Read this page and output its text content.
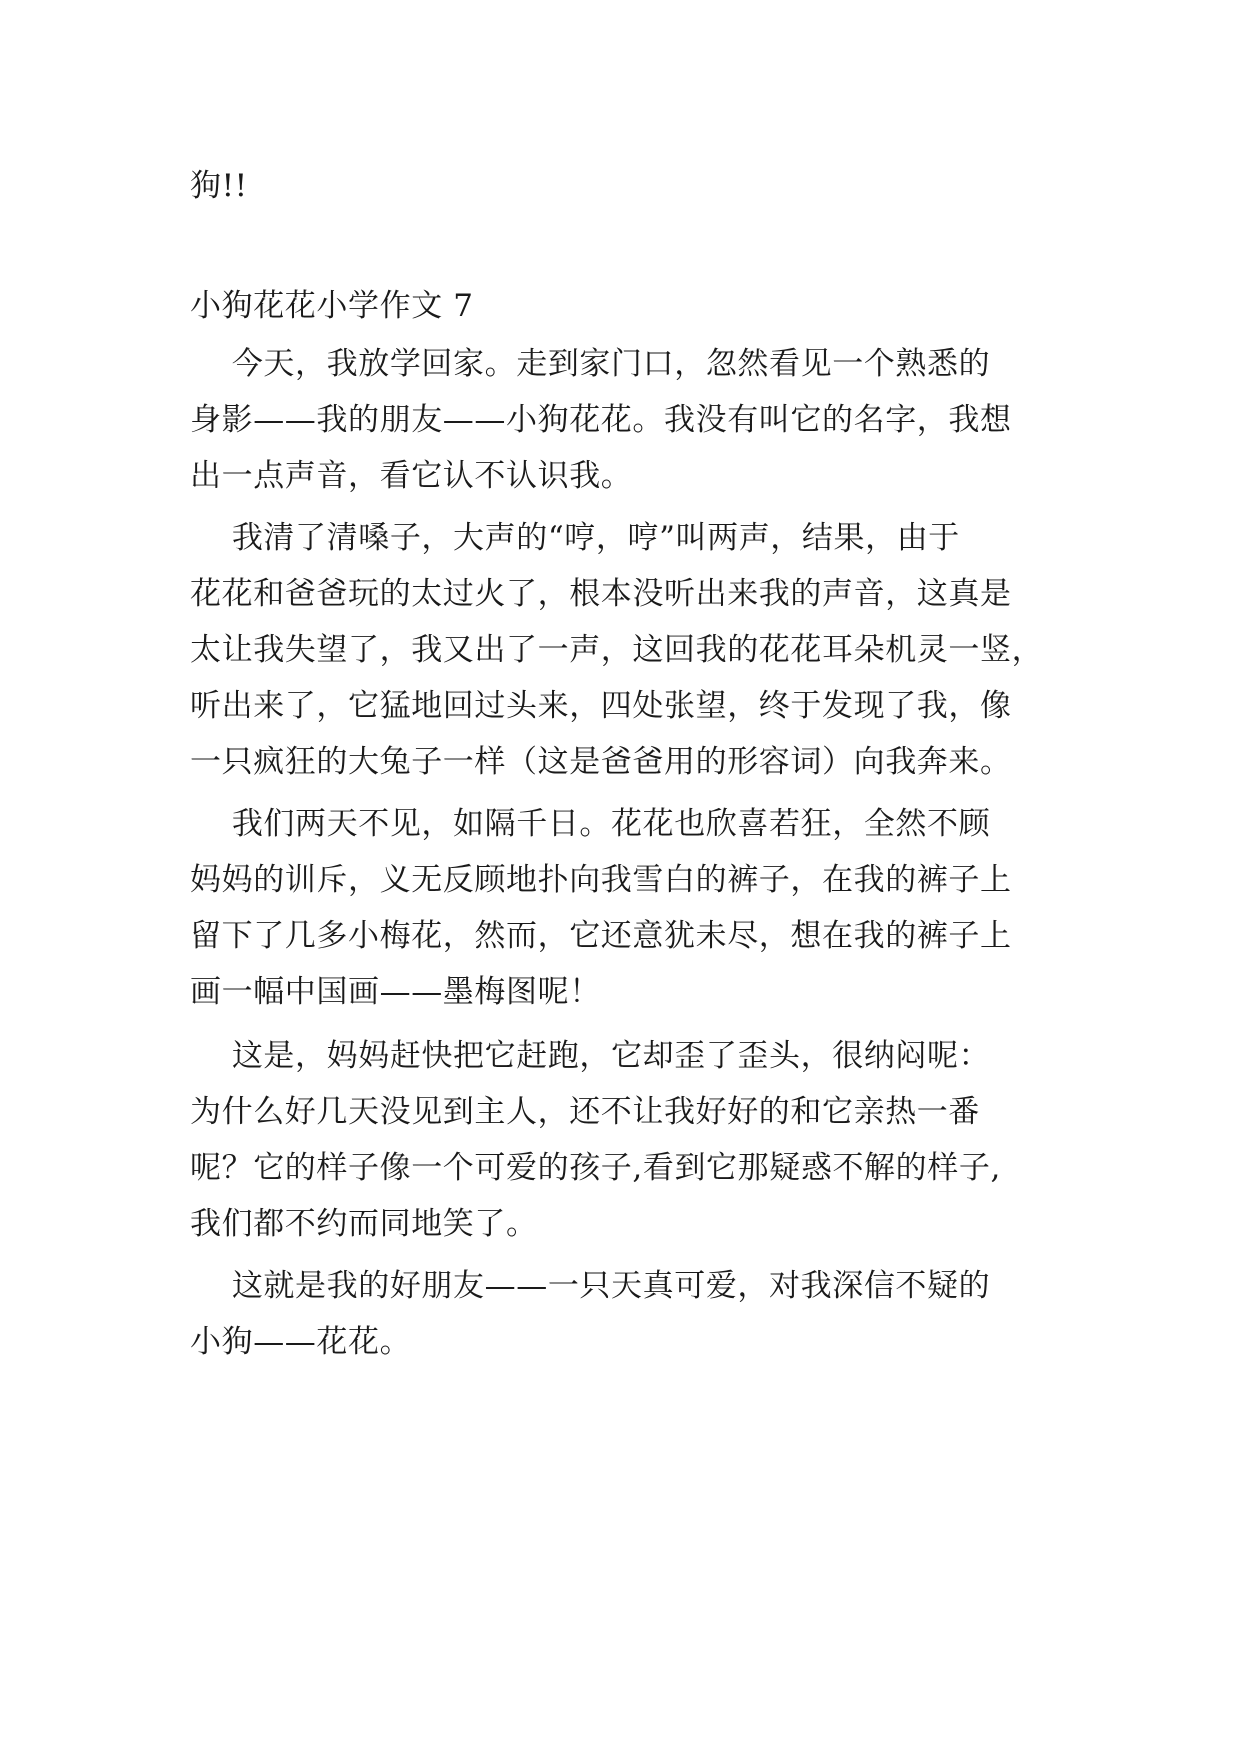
狗!!
小狗花花小学作文 7
今天，我放学回家。走到家门口，忽然看见一个熟悉的
身影——我的朋友——小狗花花。我没有叫它的名字，我想
出一点声音，看它认不认识我。
我清了清嗓子，大声的“哼，哼”叫两声，结果，由于
花花和爸爸玩的太过火了，根本没听出来我的声音，这真是
太让我失望了，我又出了一声，这回我的花花耳朵机灵一竖，
听出来了，它猛地回过头来，四处张望，终于发现了我，像
一只疯狂的大兔子一样（这是爸爸用的形容词）向我奔来。
我们两天不见，如隔千日。花花也欣喜若狂，全然不顾
妈妈的训斥，义无反顾地扑向我雪白的裤子，在我的裤子上
留下了几多小梅花，然而，它还意犹未尽，想在我的裤子上
画一幅中国画——墨梅图呢！
这是，妈妈赶快把它赶跑，它却歪了歪头，很纳闷呢：
为什么好几天没见到主人，还不让我好好的和它亲热一番
呢？它的样子像一个可爱的孩子,看到它那疑惑不解的样子,
我们都不约而同地笑了。
这就是我的好朋友——一只天真可爱，对我深信不疑的
小狗——花花。
